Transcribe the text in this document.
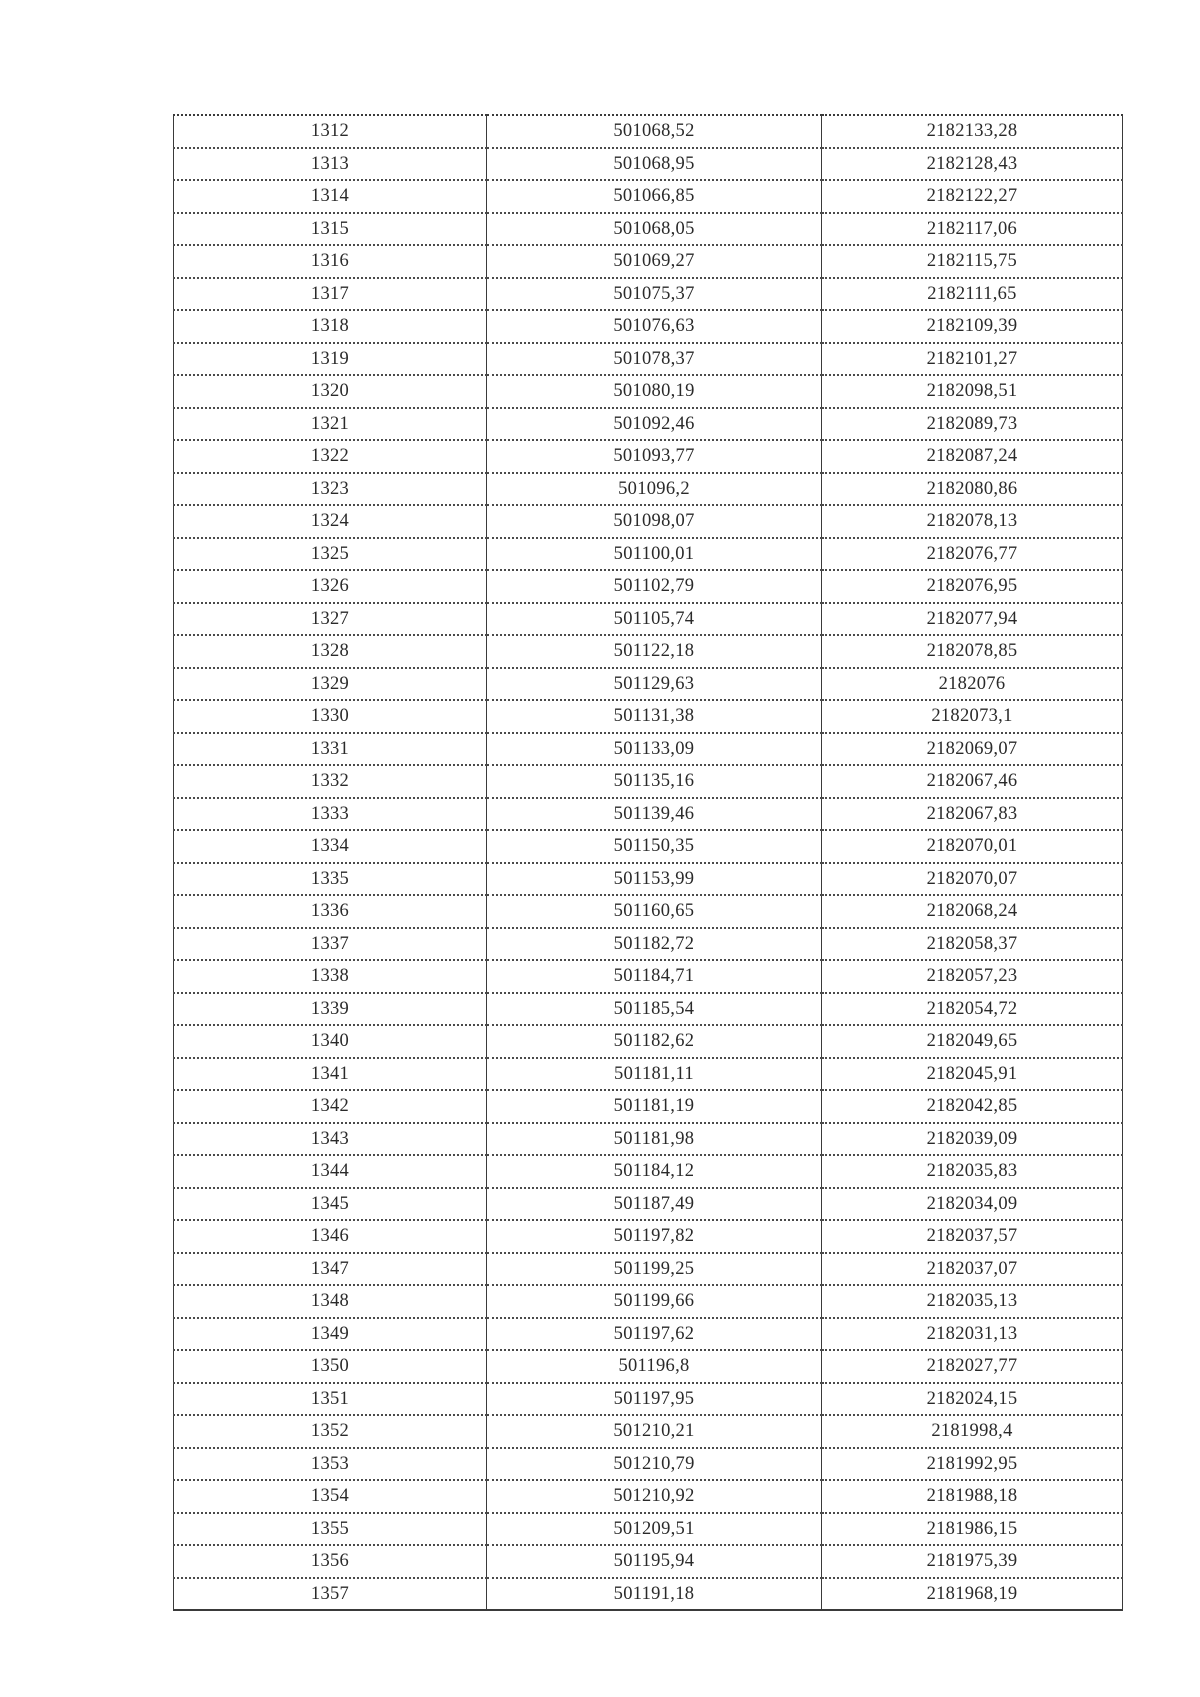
1312	501068,52	2182133,28
1313	501068,95	2182128,43
1314	501066,85	2182122,27
1315	501068,05	2182117,06
1316	501069,27	2182115,75
1317	501075,37	2182111,65
1318	501076,63	2182109,39
1319	501078,37	2182101,27
1320	501080,19	2182098,51
1321	501092,46	2182089,73
1322	501093,77	2182087,24
1323	501096,2	2182080,86
1324	501098,07	2182078,13
1325	501100,01	2182076,77
1326	501102,79	2182076,95
1327	501105,74	2182077,94
1328	501122,18	2182078,85
1329	501129,63	2182076
1330	501131,38	2182073,1
1331	501133,09	2182069,07
1332	501135,16	2182067,46
1333	501139,46	2182067,83
1334	501150,35	2182070,01
1335	501153,99	2182070,07
1336	501160,65	2182068,24
1337	501182,72	2182058,37
1338	501184,71	2182057,23
1339	501185,54	2182054,72
1340	501182,62	2182049,65
1341	501181,11	2182045,91
1342	501181,19	2182042,85
1343	501181,98	2182039,09
1344	501184,12	2182035,83
1345	501187,49	2182034,09
1346	501197,82	2182037,57
1347	501199,25	2182037,07
1348	501199,66	2182035,13
1349	501197,62	2182031,13
1350	501196,8	2182027,77
1351	501197,95	2182024,15
1352	501210,21	2181998,4
1353	501210,79	2181992,95
1354	501210,92	2181988,18
1355	501209,51	2181986,15
1356	501195,94	2181975,39
1357	501191,18	2181968,19
